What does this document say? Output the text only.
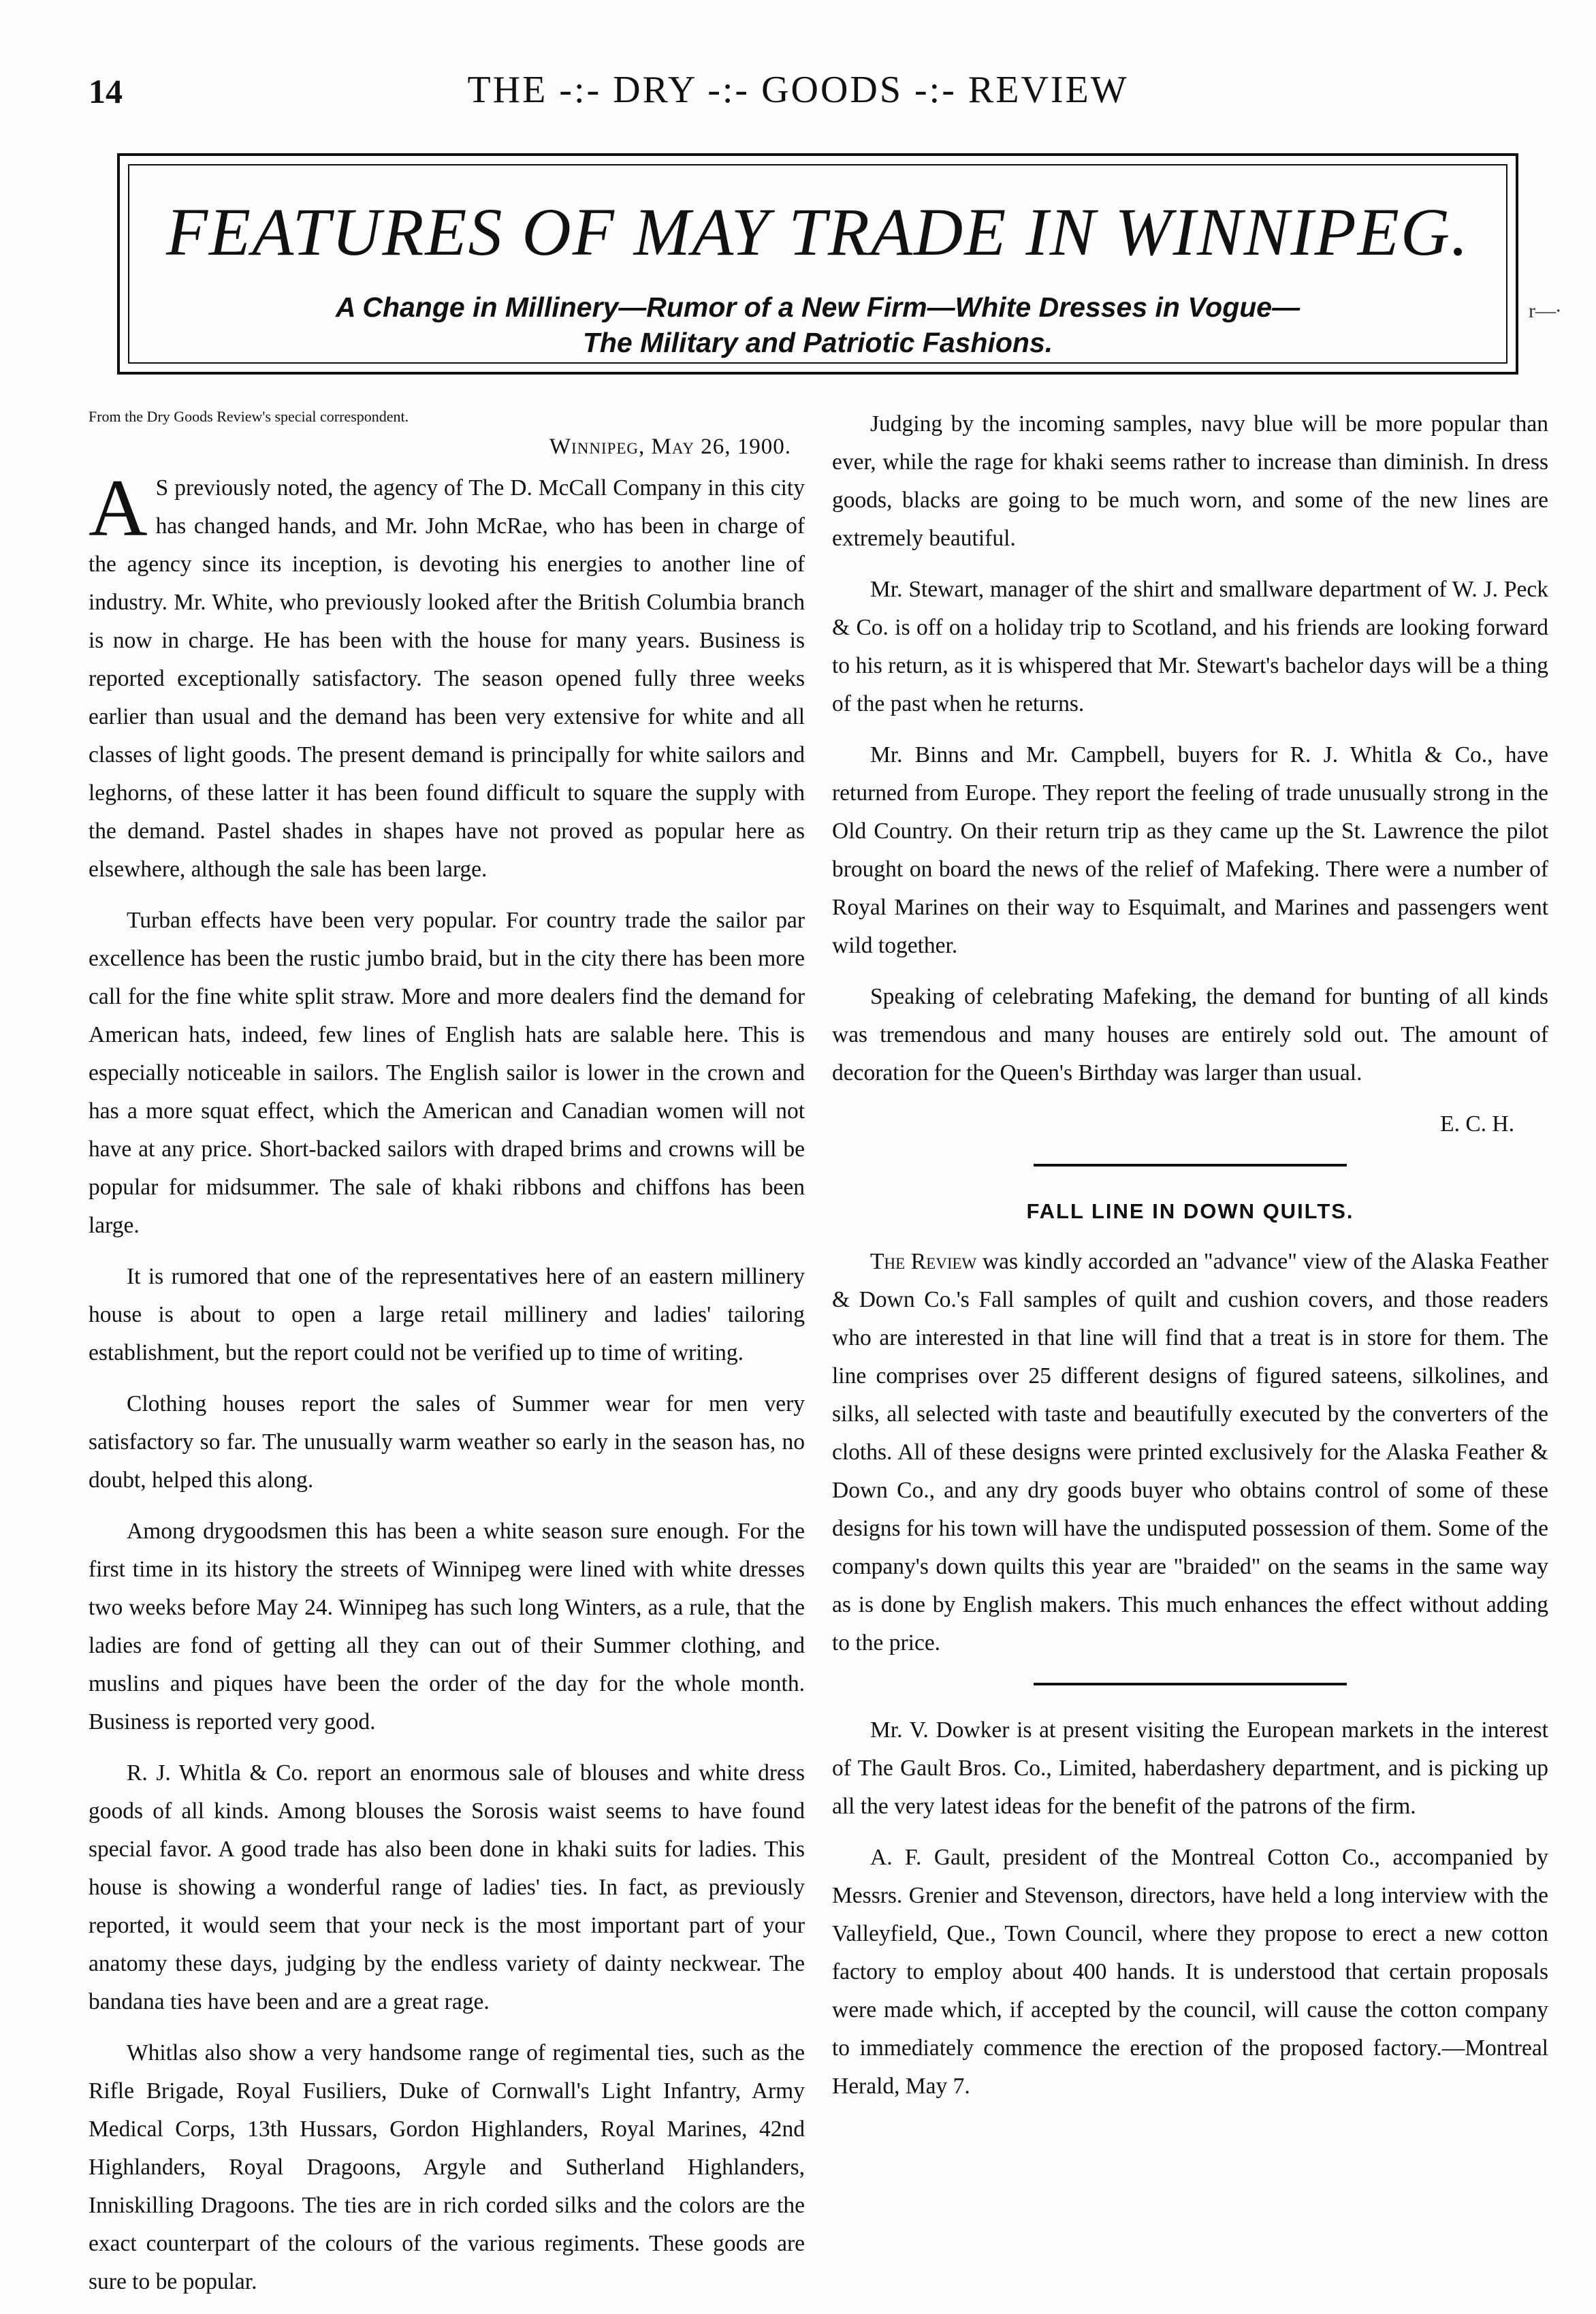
14	THE -:- DRY -:- GOODS -:- REVIEW
FEATURES OF MAY TRADE IN WINNIPEG.
A Change in Millinery—Rumor of a New Firm—White Dresses in Vogue—
The Military and Patriotic Fashions.
r—∙
From the Dry Goods Review's special correspondent.
Winnipeg, May 26, 1900.

A S previously noted, the agency of The D. McCall Company in this city has changed hands, and Mr. John McRae, who has been in charge of the agency since its inception, is devoting his energies to another line of industry. Mr. White, who previously looked after the British Columbia branch is now in charge. He has been with the house for many years. Business is reported exceptionally satisfactory. The season opened fully three weeks earlier than usual and the demand has been very extensive for white and all classes of light goods. The present demand is principally for white sailors and leghorns, of these latter it has been found difficult to square the supply with the demand. Pastel shades in shapes have not proved as popular here as elsewhere, although the sale has been large.

Turban effects have been very popular. For country trade the sailor par excellence has been the rustic jumbo braid, but in the city there has been more call for the fine white split straw. More and more dealers find the demand for American hats, indeed, few lines of English hats are salable here. This is especially noticeable in sailors. The English sailor is lower in the crown and has a more squat effect, which the American and Canadian women will not have at any price. Short-backed sailors with draped brims and crowns will be popular for midsummer. The sale of khaki ribbons and chiffons has been large.

It is rumored that one of the representatives here of an eastern millinery house is about to open a large retail millinery and ladies' tailoring establishment, but the report could not be verified up to time of writing.

Clothing houses report the sales of Summer wear for men very satisfactory so far. The unusually warm weather so early in the season has, no doubt, helped this along.

Among drygoodsmen this has been a white season sure enough. For the first time in its history the streets of Winnipeg were lined with white dresses two weeks before May 24. Winnipeg has such long Winters, as a rule, that the ladies are fond of getting all they can out of their Summer clothing, and muslins and piques have been the order of the day for the whole month. Business is reported very good.

R. J. Whitla & Co. report an enormous sale of blouses and white dress goods of all kinds. Among blouses the Sorosis waist seems to have found special favor. A good trade has also been done in khaki suits for ladies. This house is showing a wonderful range of ladies' ties. In fact, as previously reported, it would seem that your neck is the most important part of your anatomy these days, judging by the endless variety of dainty neckwear. The bandana ties have been and are a great rage.

Whitlas also show a very handsome range of regimental ties, such as the Rifle Brigade, Royal Fusiliers, Duke of Cornwall's Light Infantry, Army Medical Corps, 13th Hussars, Gordon Highlanders, Royal Marines, 42nd Highlanders, Royal Dragoons, Argyle and Sutherland Highlanders, Inniskilling Dragoons. The ties are in rich corded silks and the colors are the exact counterpart of the colours of the various regiments. These goods are sure to be popular.

Judging by the incoming samples, navy blue will be more popular than ever, while the rage for khaki seems rather to increase than diminish. In dress goods, blacks are going to be much worn, and some of the new lines are extremely beautiful.

Mr. Stewart, manager of the shirt and smallware department of W. J. Peck & Co. is off on a holiday trip to Scotland, and his friends are looking forward to his return, as it is whispered that Mr. Stewart's bachelor days will be a thing of the past when he returns.

Mr. Binns and Mr. Campbell, buyers for R. J. Whitla & Co., have returned from Europe. They report the feeling of trade unusually strong in the Old Country. On their return trip as they came up the St. Lawrence the pilot brought on board the news of the relief of Mafeking. There were a number of Royal Marines on their way to Esquimalt, and Marines and passengers went wild together.

Speaking of celebrating Mafeking, the demand for bunting of all kinds was tremendous and many houses are entirely sold out. The amount of decoration for the Queen's Birthday was larger than usual.

E. C. H.
FALL LINE IN DOWN QUILTS.

The Review was kindly accorded an "advance" view of the Alaska Feather & Down Co.'s Fall samples of quilt and cushion covers, and those readers who are interested in that line will find that a treat is in store for them. The line comprises over 25 different designs of figured sateens, silkolines, and silks, all selected with taste and beautifully executed by the converters of the cloths. All of these designs were printed exclusively for the Alaska Feather & Down Co., and any dry goods buyer who obtains control of some of these designs for his town will have the undisputed possession of them. Some of the company's down quilts this year are "braided" on the seams in the same way as is done by English makers. This much enhances the effect without adding to the price.

Mr. V. Dowker is at present visiting the European markets in the interest of The Gault Bros. Co., Limited, haberdashery department, and is picking up all the very latest ideas for the benefit of the patrons of the firm.

A. F. Gault, president of the Montreal Cotton Co., accompanied by Messrs. Grenier and Stevenson, directors, have held a long interview with the Valleyfield, Que., Town Council, where they propose to erect a new cotton factory to employ about 400 hands. It is understood that certain proposals were made which, if accepted by the council, will cause the cotton company to immediately commence the erection of the proposed factory.—Montreal Herald, May 7.
